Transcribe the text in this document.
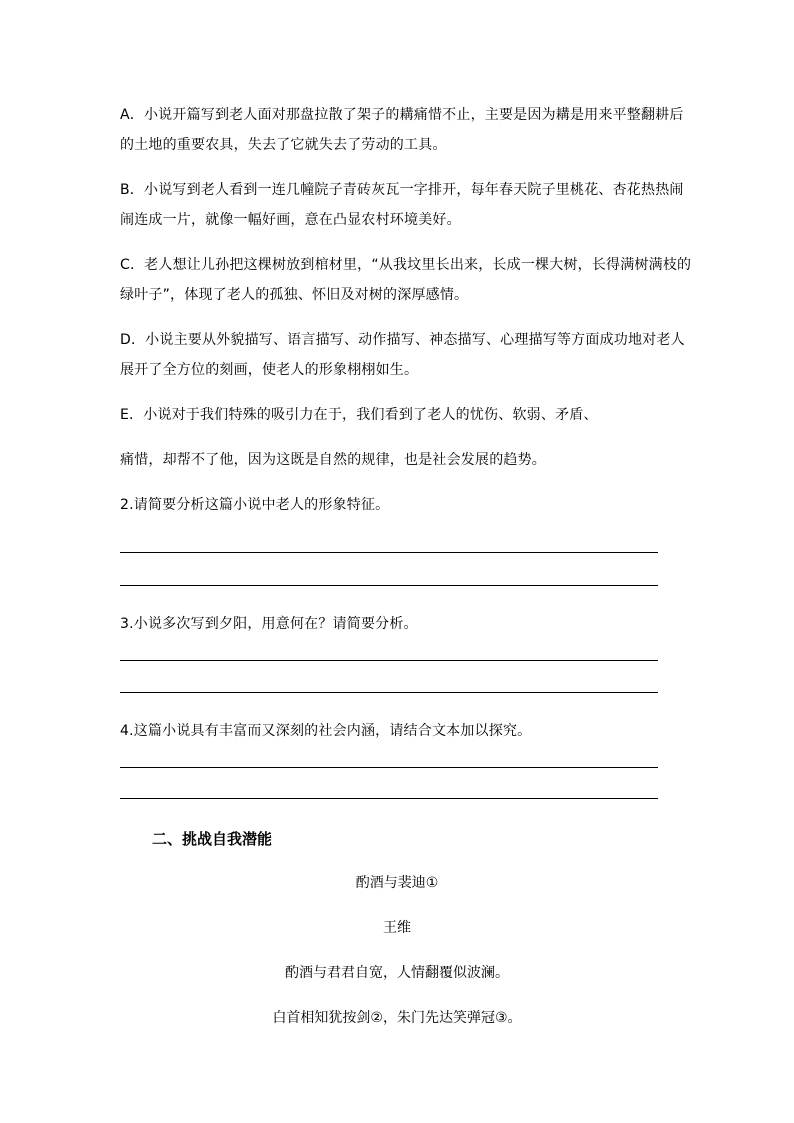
A．小说开篇写到老人面对那盘拉散了架子的耩痛惜不止，主要是因为耩是用来平整翻耕后
的土地的重要农具，失去了它就失去了劳动的工具。
B．小说写到老人看到一连几幢院子青砖灰瓦一字排开，每年春天院子里桃花、杏花热热闹
闹连成一片，就像一幅好画，意在凸显农村环境美好。
C．老人想让儿孙把这棵树放到棺材里，“从我坟里长出来，长成一棵大树，长得满树满枝的
绿叶子”，体现了老人的孤独、怀旧及对树的深厚感情。
D．小说主要从外貌描写、语言描写、动作描写、神态描写、心理描写等方面成功地对老人
展开了全方位的刻画，使老人的形象栩栩如生。
E．小说对于我们特殊的吸引力在于，我们看到了老人的忧伤、软弱、矛盾、
痛惜，却帮不了他，因为这既是自然的规律，也是社会发展的趋势。
2.请简要分析这篇小说中老人的形象特征。
3.小说多次写到夕阳，用意何在？请简要分析。
4.这篇小说具有丰富而又深刻的社会内涵，请结合文本加以探究。
二、挑战自我潜能
酌酒与裴迪①
王维
酌酒与君君自宽，人情翻覆似波澜。
白首相知犹按剑②，朱门先达笑弹冠③。
